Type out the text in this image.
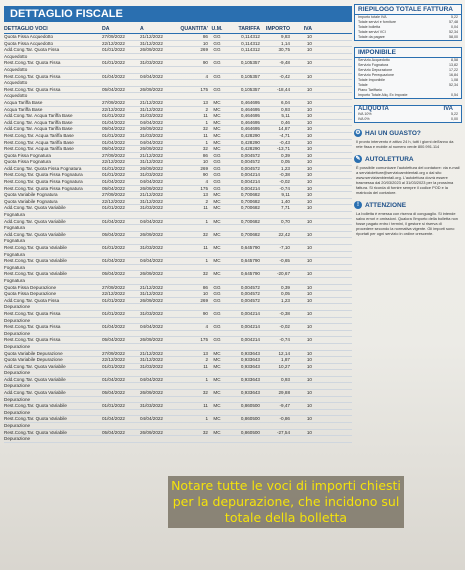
DETTAGLIO FISCALE
DETTAGLIO VOCI	DA	A	QUANTITA' U.M.	TARIFFA	IMPORTO	IVA
Quota Fissa Acquedotto	27/09/2022	21/12/2022	86	GG	0,114312	9,83	10
Quota Fissa Acquedotto	22/12/2022	31/12/2022	10	GG	0,114312	1,14	10
Add.Cong.Tar. Quota Fissa	01/01/2022	26/09/2022	269	GG	0,114312	30,75	10
Acquedotto
Rest.Cong.Tar. Quota Fissa	01/01/2022	31/03/2022	90	GG	0,105357	-9,48	10
Acquedotto
Rest.Cong.Tar. Quota Fissa	01/04/2022	04/04/2022	4	GG	0,105357	-0,42	10
Acquedotto
Rest.Cong.Tar. Quota Fissa	05/04/2022	26/09/2022	175	GG	0,105357	-18,44	10
Acquedotto
Acqua Tariffa Base	27/09/2022	21/12/2022	13	MC	0,464695	6,04	10
Acqua Tariffa Base	22/12/2022	31/12/2022	2	MC	0,464695	0,93	10
Add.Cong.Tar. Acqua Tariffa Base	01/01/2022	31/03/2022	11	MC	0,464695	5,11	10
Add.Cong.Tar. Acqua Tariffa Base	01/04/2022	04/04/2022	1	MC	0,464695	0,46	10
Add.Cong.Tar. Acqua Tariffa Base	05/04/2022	26/09/2022	32	MC	0,464695	14,87	10
Rest.Cong.Tar. Acqua Tariffa Base	01/01/2022	31/03/2022	11	MC	0,428290	-4,71	10
Rest.Cong.Tar. Acqua Tariffa Base	01/04/2022	04/04/2022	1	MC	0,428290	-0,43	10
Rest.Cong.Tar. Acqua Tariffa Base	05/04/2022	26/09/2022	32	MC	0,428290	-13,71	10
Quota Fissa Fognatura	27/09/2022	21/12/2022	86	GG	0,004572	0,39	10
Quota Fissa Fognatura	22/12/2022	31/12/2022	10	GG	0,004572	0,05	10
Add.Cong.Tar. Quota Fissa Fognatura	01/01/2022	26/09/2022	269	GG	0,004572	1,23	10
Rest.Cong.Tar. Quota Fissa Fognatura	01/01/2022	31/03/2022	90	GG	0,004214	-0,38	10
Rest.Cong.Tar. Quota Fissa Fognatura	01/04/2022	04/04/2022	4	GG	0,004214	-0,02	10
Rest.Cong.Tar. Quota Fissa Fognatura	05/04/2022	26/09/2022	175	GG	0,004214	-0,74	10
Quota Variabile Fognatura	27/09/2022	21/12/2022	13	MC	0,700682	9,11	10
Quota Variabile Fognatura	22/12/2022	31/12/2022	2	MC	0,700682	1,40	10
Add.Cong.Tar. Quota Variabile	01/01/2022	31/03/2022	11	MC	0,700682	7,71	10
Fognatura
Add.Cong.Tar. Quota Variabile	01/04/2022	04/04/2022	1	MC	0,700682	0,70	10
Fognatura
Add.Cong.Tar. Quota Variabile	05/04/2022	26/09/2022	32	MC	0,700682	22,42	10
Fognatura
Rest.Cong.Tar. Quota Variabile	01/01/2022	31/03/2022	11	MC	0,645790	-7,10	10
Fognatura
Rest.Cong.Tar. Quota Variabile	01/04/2022	04/04/2022	1	MC	0,645790	-0,65	10
Fognatura
Rest.Cong.Tar. Quota Variabile	05/04/2022	26/09/2022	32	MC	0,645790	-20,67	10
Fognatura
Quota Fissa Depurazione	27/09/2022	21/12/2022	86	GG	0,004572	0,39	10
Quota Fissa Depurazione	22/12/2022	31/12/2022	10	GG	0,004572	0,05	10
Add.Cong.Tar. Quota Fissa	01/01/2022	26/09/2022	269	GG	0,004572	1,23	10
Depurazione
Rest.Cong.Tar. Quota Fissa	01/01/2022	31/03/2022	90	GG	0,004214	-0,38	10
Depurazione
Rest.Cong.Tar. Quota Fissa	01/04/2022	04/04/2022	4	GG	0,004214	-0,02	10
Depurazione
Rest.Cong.Tar. Quota Fissa	05/04/2022	26/09/2022	175	GG	0,004214	-0,74	10
Depurazione
Quota Variabile Depurazione	27/09/2022	21/12/2022	13	MC	0,933643	12,14	10
Quota Variabile Depurazione	22/12/2022	31/12/2022	2	MC	0,933643	1,87	10
Add.Cong.Tar. Quota Variabile	01/01/2022	31/03/2022	11	MC	0,933643	10,27	10
Depurazione
Add.Cong.Tar. Quota Variabile	01/04/2022	04/04/2022	1	MC	0,933643	0,93	10
Depurazione
Add.Cong.Tar. Quota Variabile	05/04/2022	26/09/2022	32	MC	0,933643	29,88	10
Depurazione
Rest.Cong.Tar. Quota Variabile	01/01/2022	31/03/2022	11	MC	0,860500	-9,47	10
Depurazione
Rest.Cong.Tar. Quota Variabile	01/04/2022	04/04/2022	1	MC	0,860500	-0,86	10
Depurazione
Rest.Cong.Tar. Quota Variabile	05/04/2022	26/09/2022	32	MC	0,860500	-27,54	10
Depurazione
RIEPILOGO TOTALE FATTURA
Importo totale IVA	5,22
Totale servizi e forniture	57,48
Totale bolletta	0,04
Totale servizi VCI	52,34
Totale da pagare	58,00
IMPONIBILE
Servizio Acquedotto	8,58
Servizio Fognatura	13,82
Servizio Depurazione	17,22
Servizio Perequazione	16,84
Totale Imponibile	1,08
Totale	52,34
Piano Tariffario
Importo Totale Aliq. Ex Imposte	0,54
ALIQUOTA	IVA
IVA 10%	5,22
IVA 0%	0,00
⚙ HAI UN GUASTO?
Il pronto intervento è attivo 24 h, tutti i giorni dell'anno da rete fissa e mobile al numero verde 800.991.114
✎ AUTOLETTURA
È possibile comunicare l'autolettura del contatore: via e-mail a servizioletture@servizioambientali.org o dal sito www.serviziambientali.org. L'autolettura dovrà essere trasmessa dal 20/03/2023 al 31/03/2023 per la prossima fattura. Si ricorda di fornire sempre il codice POD e la matricola del contatore.
! ATTENZIONE
La bolletta è emessa con riserva di conguaglio. Si intende salvo errori e omissioni. Qualora l'importo della bolletta non fosse pagato entro i termini, il gestore si riserva di procedere secondo la normativa vigente. Gli importi sono riportati per ogni servizio in ordine crescente.
Notare tutte le voci di importi chiesti per la depurazione, che incidono sul totale della bolletta
